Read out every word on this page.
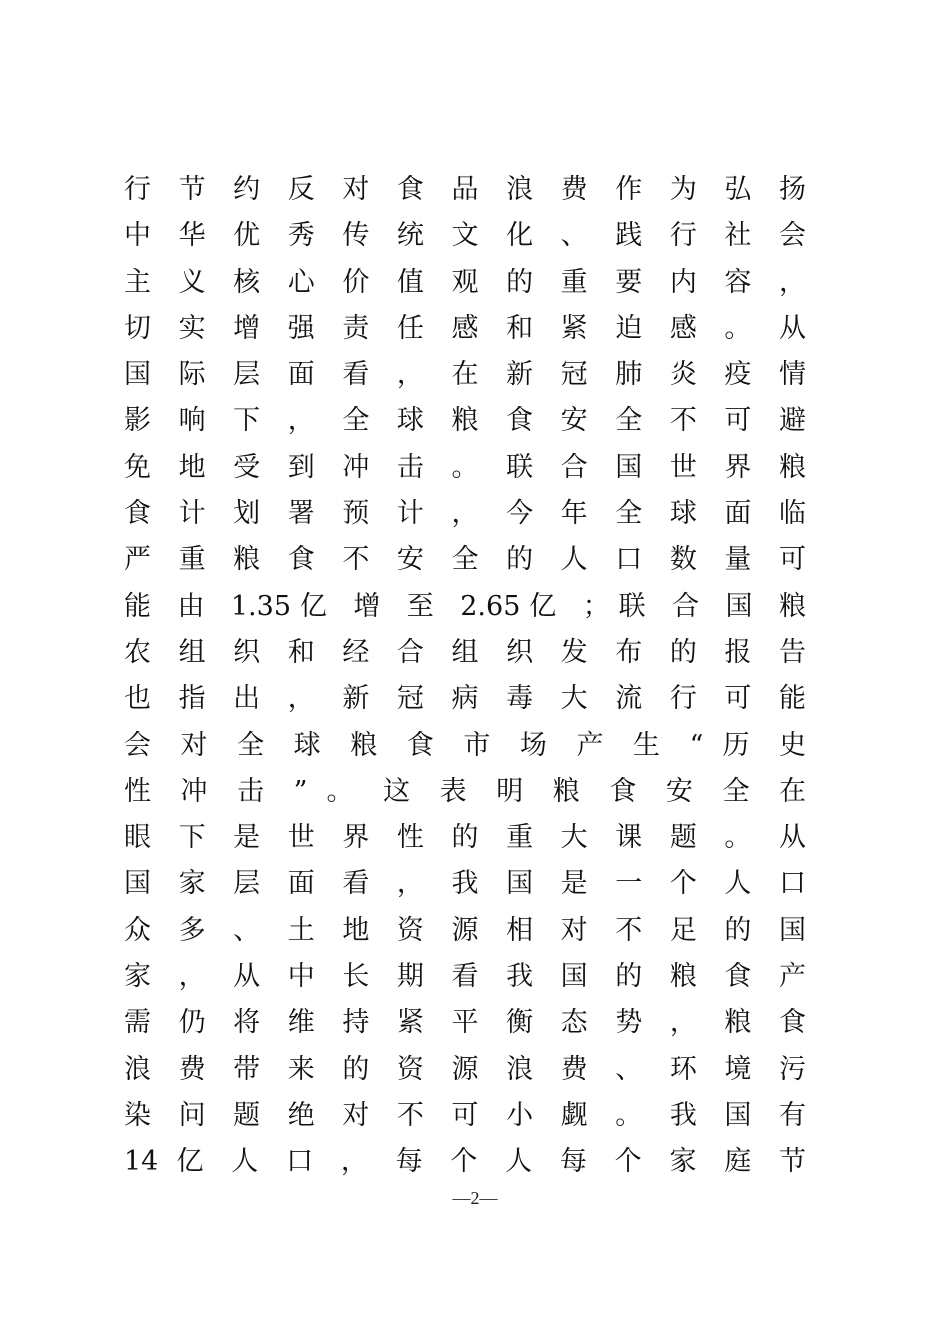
行 节 约 反 对 食 品 浪 费 作 为 弘 扬
中 华 优 秀 传 统 文 化 、 践 行 社 会
主 义 核 心 价 值 观 的 重 要 内 容 ，
切 实 增 强 责 任 感 和 紧 迫 感 。 从
国 际 层 面 看 ， 在 新 冠 肺 炎 疫 情
影 响 下 ， 全 球 粮 食 安 全 不 可 避
免 地 受 到 冲 击 。 联 合 国 世 界 粮
食 计 划 署 预 计 ， 今 年 全 球 面 临
严 重 粮 食 不 安 全 的 人 口 数 量 可
能 由 1.35亿 增 至 2.65亿 ；联 合 国 粮
农 组 织 和 经 合 组 织 发 布 的 报 告
也 指 出 ， 新 冠 病 毒 大 流 行 可 能
会 对 全 球 粮 食 市 场 产 生 “ 历 史
性 冲 击 ” 。 这 表 明 粮 食 安 全 在
眼 下 是 世 界 性 的 重 大 课 题 。 从
国 家 层 面 看 ， 我 国 是 一 个 人 口
众 多 、 土 地 资 源 相 对 不 足 的 国
家 ， 从 中 长 期 看 我 国 的 粮 食 产
需 仍 将 维 持 紧 平 衡 态 势 ， 粮 食
浪 费 带 来 的 资 源 浪 费 、 环 境 污
染 问 题 绝 对 不 可 小 觑 。 我 国 有
14 亿 人 口 ， 每 个 人 每 个 家 庭 节
—2—
